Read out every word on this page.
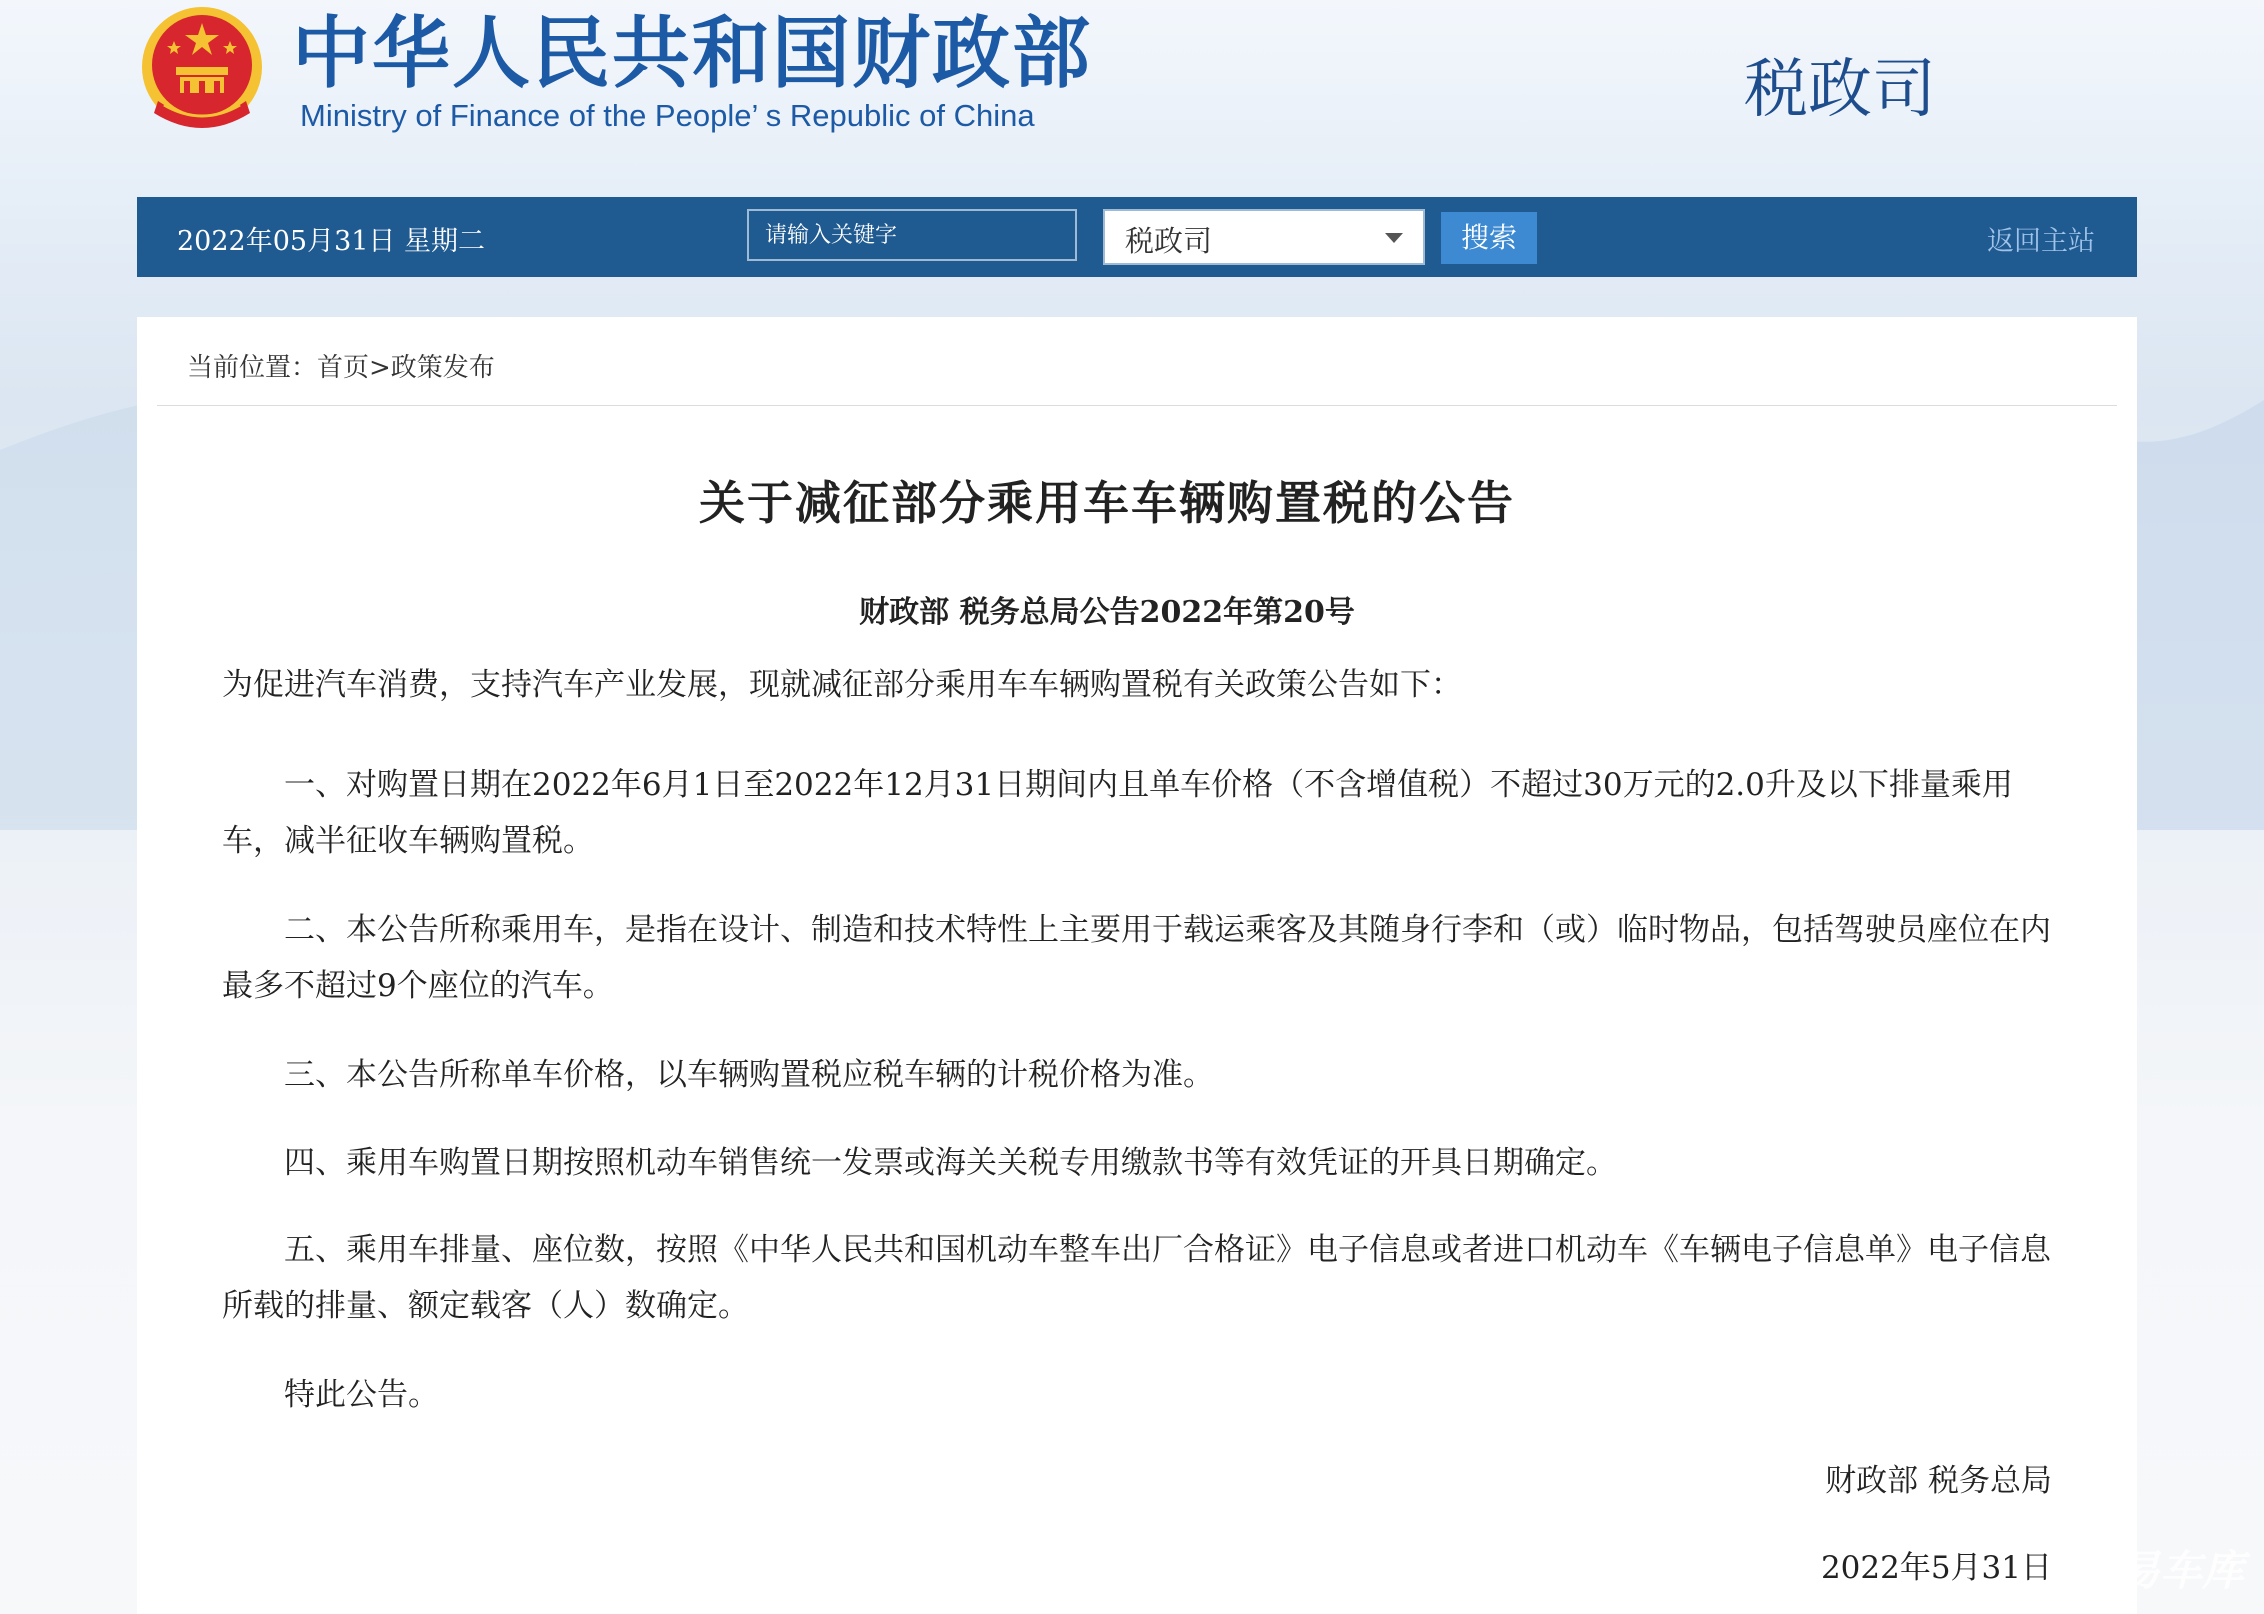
中华人民共和国财政部
Ministry of Finance of the People’ s Republic of China	税政司
2022年05月31日 星期二
请输入关键字	税政司	搜索	返回主站
当前位置：首页>政策发布
关于减征部分乘用车车辆购置税的公告
财政部 税务总局公告2022年第20号
为促进汽车消费，支持汽车产业发展，现就减征部分乘用车车辆购置税有关政策公告如下：
一、对购置日期在2022年6月1日至2022年12月31日期间内且单车价格（不含增值税）不超过30万元的2.0升及以下排量乘用车，减半征收车辆购置税。
二、本公告所称乘用车，是指在设计、制造和技术特性上主要用于载运乘客及其随身行李和（或）临时物品，包括驾驶员座位在内最多不超过9个座位的汽车。
三、本公告所称单车价格，以车辆购置税应税车辆的计税价格为准。
四、乘用车购置日期按照机动车销售统一发票或海关关税专用缴款书等有效凭证的开具日期确定。
五、乘用车排量、座位数，按照《中华人民共和国机动车整车出厂合格证》电子信息或者进口机动车《车辆电子信息单》电子信息所载的排量、额定载客（人）数确定。
特此公告。
财政部 税务总局
2022年5月31日 易车库
